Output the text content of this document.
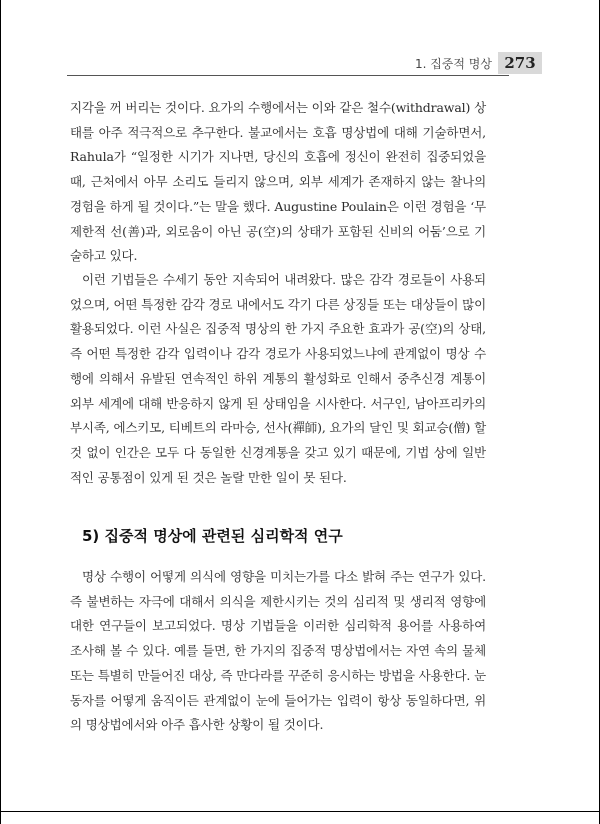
1. 집중적 명상 273
지각을 꺼 버리는 것이다. 요가의 수행에서는 이와 같은 철수(withdrawal) 상태를 아주 적극적으로 추구한다. 불교에서는 호흡 명상법에 대해 기술하면서, Rahula가 “일정한 시기가 지나면, 당신의 호흡에 정신이 완전히 집중되었을 때, 근처에서 아무 소리도 들리지 않으며, 외부 세계가 존재하지 않는 찰나의 경험을 하게 될 것이다.”는 말을 했다. Augustine Poulain은 이런 경험을 ‘무제한적 선(善)과, 외로움이 아닌 공(空)의 상태가 포함된 신비의 어둠’으로 기술하고 있다.
이런 기법들은 수세기 동안 지속되어 내려왔다. 많은 감각 경로들이 사용되었으며, 어떤 특정한 감각 경로 내에서도 각기 다른 상징들 또는 대상들이 많이 활용되었다. 이런 사실은 집중적 명상의 한 가지 주요한 효과가 공(空)의 상태, 즉 어떤 특정한 감각 입력이나 감각 경로가 사용되었느냐에 관계없이 명상 수행에 의해서 유발된 연속적인 하위 계통의 활성화로 인해서 중추신경 계통이 외부 세계에 대해 반응하지 않게 된 상태임을 시사한다. 서구인, 남아프리카의 부시족, 에스키모, 티베트의 라마승, 선사(禪師), 요가의 달인 및 회교승(僧) 할 것 없이 인간은 모두 다 동일한 신경계통을 갖고 있기 때문에, 기법 상에 일반적인 공통점이 있게 된 것은 놀랄 만한 일이 못 된다.
5) 집중적 명상에 관련된 심리학적 연구
명상 수행이 어떻게 의식에 영향을 미치는가를 다소 밝혀 주는 연구가 있다. 즉 불변하는 자극에 대해서 의식을 제한시키는 것의 심리적 및 생리적 영향에 대한 연구들이 보고되었다. 명상 기법들을 이러한 심리학적 용어를 사용하여 조사해 볼 수 있다. 예를 들면, 한 가지의 집중적 명상법에서는 자연 속의 물체 또는 특별히 만들어진 대상, 즉 만다라를 꾸준히 응시하는 방법을 사용한다. 눈동자를 어떻게 움직이든 관계없이 눈에 들어가는 입력이 항상 동일하다면, 위의 명상법에서와 아주 흡사한 상황이 될 것이다.
